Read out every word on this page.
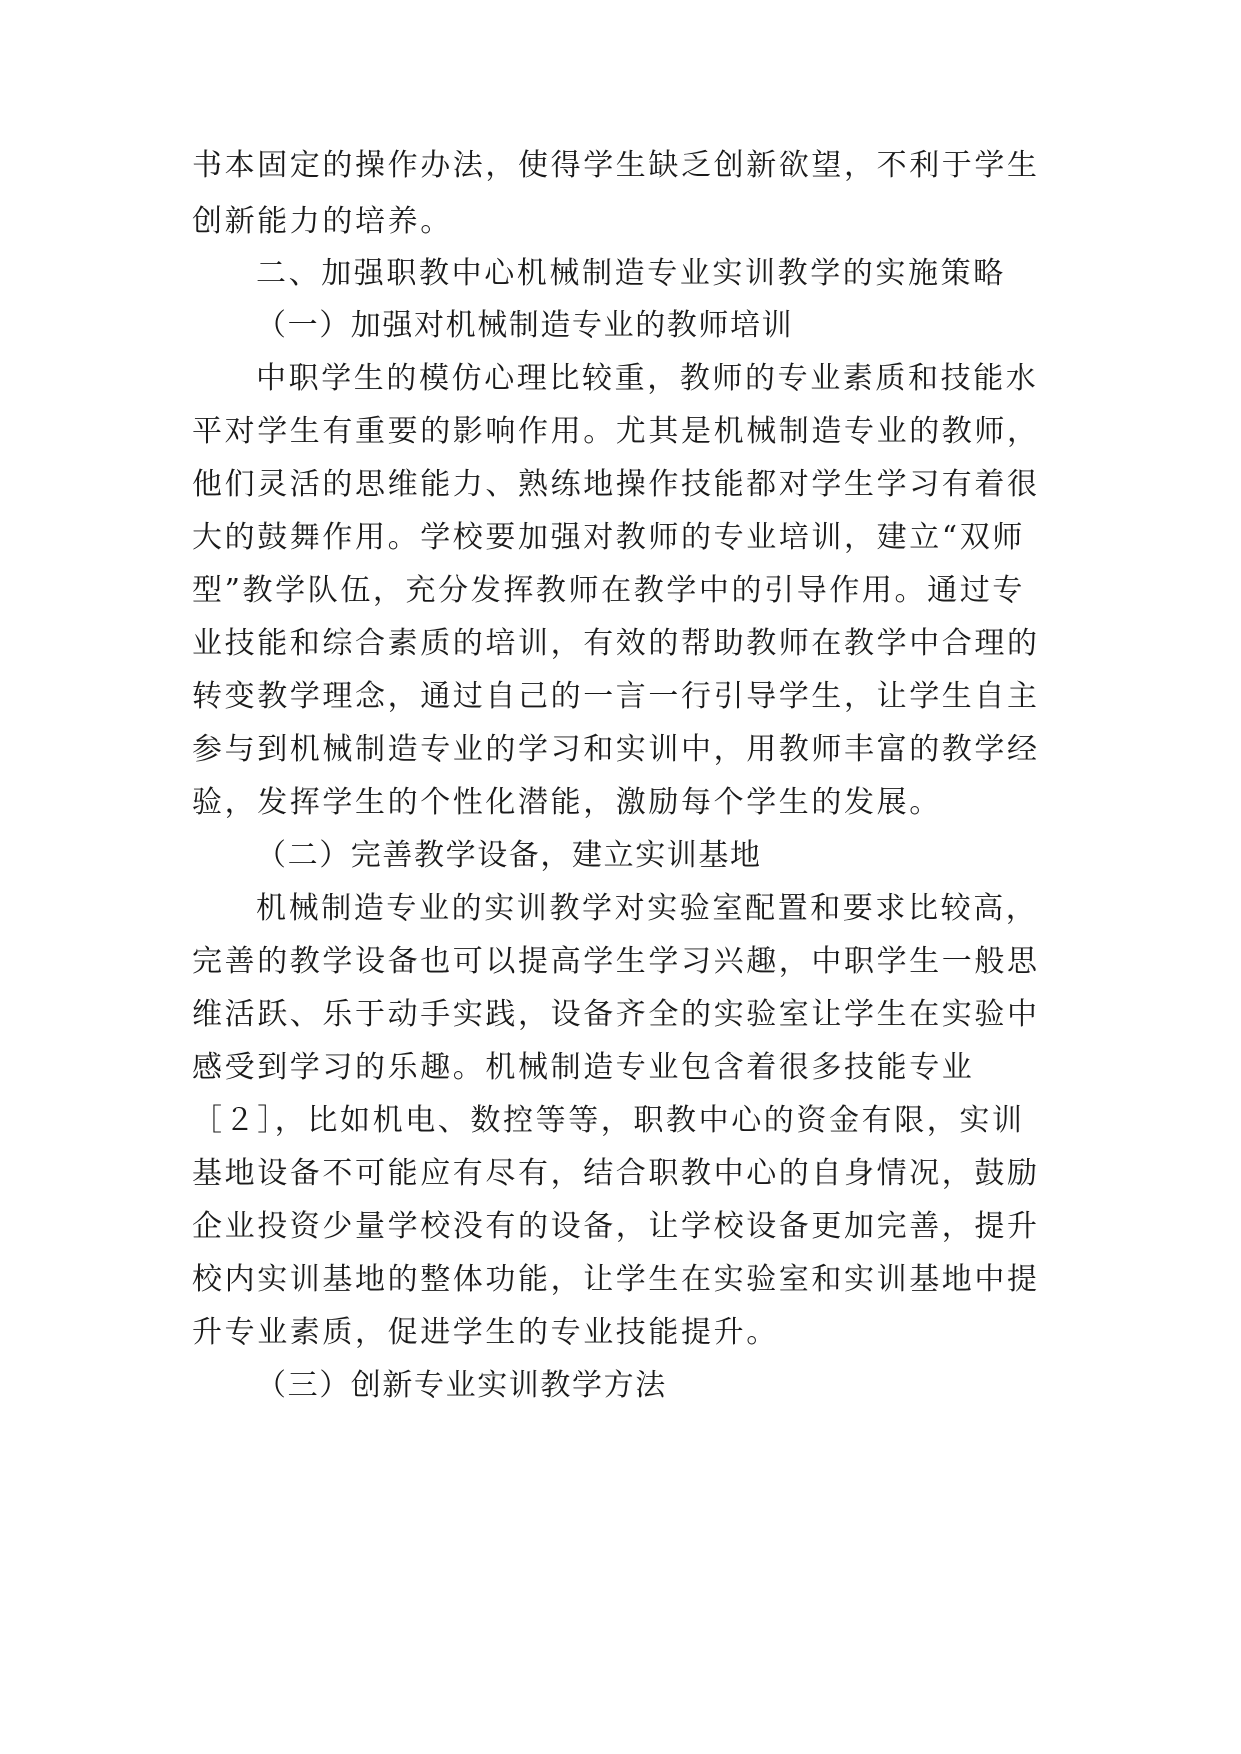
书本固定的操作办法，使得学生缺乏创新欲望，不利于学生
创新能力的培养。
二、加强职教中心机械制造专业实训教学的实施策略
（一）加强对机械制造专业的教师培训
中职学生的模仿心理比较重，教师的专业素质和技能水
平对学生有重要的影响作用。尤其是机械制造专业的教师，
他们灵活的思维能力、熟练地操作技能都对学生学习有着很
大的鼓舞作用。学校要加强对教师的专业培训，建立“双师
型”教学队伍，充分发挥教师在教学中的引导作用。通过专
业技能和综合素质的培训，有效的帮助教师在教学中合理的
转变教学理念，通过自己的一言一行引导学生，让学生自主
参与到机械制造专业的学习和实训中，用教师丰富的教学经
验，发挥学生的个性化潜能，激励每个学生的发展。
（二）完善教学设备，建立实训基地
机械制造专业的实训教学对实验室配置和要求比较高，
完善的教学设备也可以提高学生学习兴趣，中职学生一般思
维活跃、乐于动手实践，设备齐全的实验室让学生在实验中
感受到学习的乐趣。机械制造专业包含着很多技能专业
［２］，比如机电、数控等等，职教中心的资金有限，实训
基地设备不可能应有尽有，结合职教中心的自身情况，鼓励
企业投资少量学校没有的设备，让学校设备更加完善，提升
校内实训基地的整体功能，让学生在实验室和实训基地中提
升专业素质，促进学生的专业技能提升。
（三）创新专业实训教学方法
